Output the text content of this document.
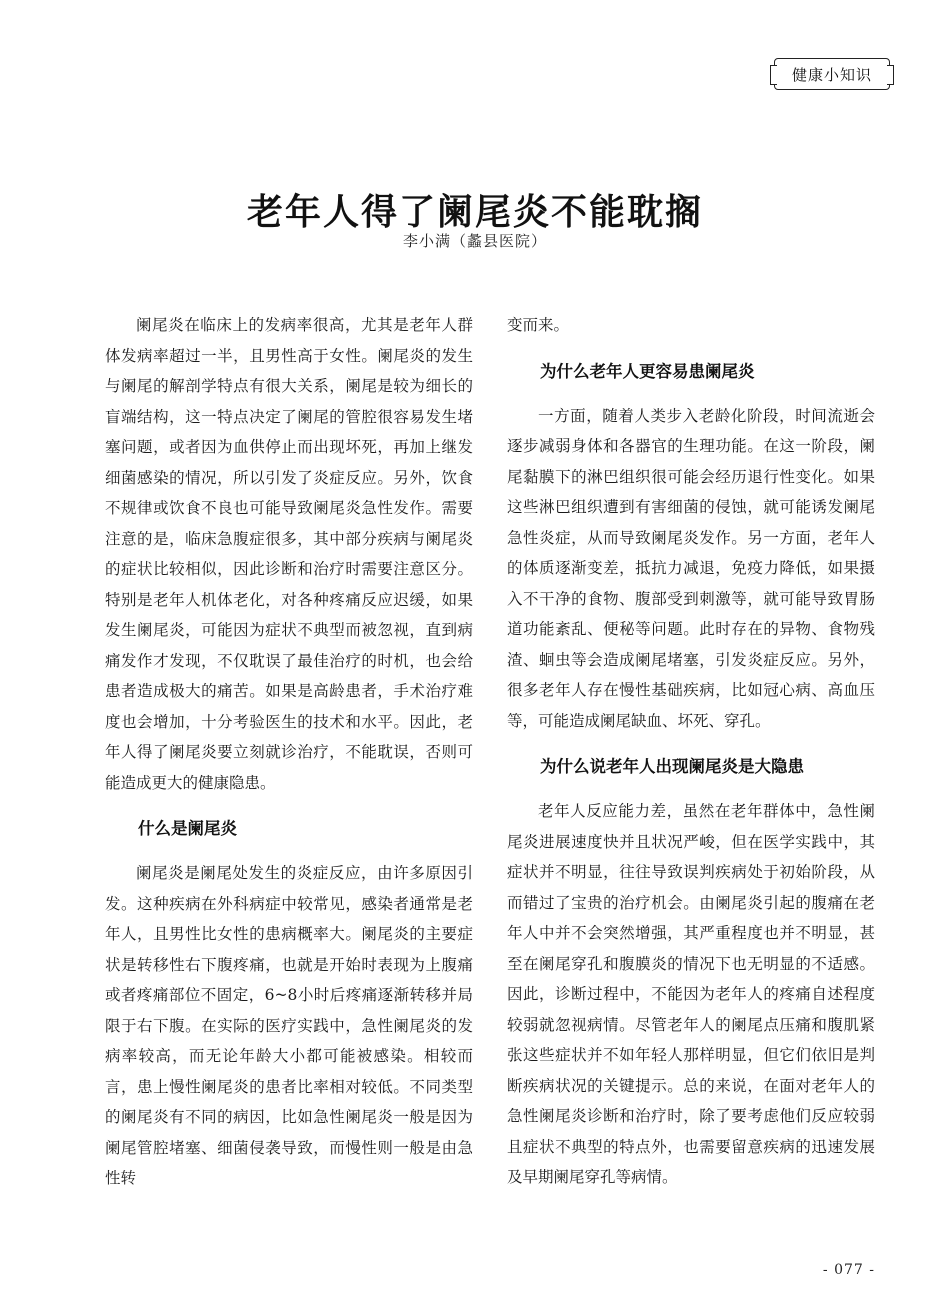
健康小知识
老年人得了阑尾炎不能耽搁
李小满（蠡县医院）

阑尾炎在临床上的发病率很高，尤其是老年人群体发病率超过一半，且男性高于女性。阑尾炎的发生与阑尾的解剖学特点有很大关系，阑尾是较为细长的盲端结构，这一特点决定了阑尾的管腔很容易发生堵塞问题，或者因为血供停止而出现坏死，再加上继发细菌感染的情况，所以引发了炎症反应。另外，饮食不规律或饮食不良也可能导致阑尾炎急性发作。需要注意的是，临床急腹症很多，其中部分疾病与阑尾炎的症状比较相似，因此诊断和治疗时需要注意区分。特别是老年人机体老化，对各种疼痛反应迟缓，如果发生阑尾炎，可能因为症状不典型而被忽视，直到病痛发作才发现，不仅耽误了最佳治疗的时机，也会给患者造成极大的痛苦。如果是高龄患者，手术治疗难度也会增加，十分考验医生的技术和水平。因此，老年人得了阑尾炎要立刻就诊治疗，不能耽误，否则可能造成更大的健康隐患。

什么是阑尾炎

阑尾炎是阑尾处发生的炎症反应，由许多原因引发。这种疾病在外科病症中较常见，感染者通常是老年人，且男性比女性的患病概率大。阑尾炎的主要症状是转移性右下腹疼痛，也就是开始时表现为上腹痛或者疼痛部位不固定，6~8小时后疼痛逐渐转移并局限于右下腹。在实际的医疗实践中，急性阑尾炎的发病率较高，而无论年龄大小都可能被感染。相较而言，患上慢性阑尾炎的患者比率相对较低。不同类型的阑尾炎有不同的病因，比如急性阑尾炎一般是因为阑尾管腔堵塞、细菌侵袭导致，而慢性则一般是由急性转

变而来。

为什么老年人更容易患阑尾炎

一方面，随着人类步入老龄化阶段，时间流逝会逐步减弱身体和各器官的生理功能。在这一阶段，阑尾黏膜下的淋巴组织很可能会经历退行性变化。如果这些淋巴组织遭到有害细菌的侵蚀，就可能诱发阑尾急性炎症，从而导致阑尾炎发作。另一方面，老年人的体质逐渐变差，抵抗力减退，免疫力降低，如果摄入不干净的食物、腹部受到刺激等，就可能导致胃肠道功能紊乱、便秘等问题。此时存在的异物、食物残渣、蛔虫等会造成阑尾堵塞，引发炎症反应。另外，很多老年人存在慢性基础疾病，比如冠心病、高血压等，可能造成阑尾缺血、坏死、穿孔。

为什么说老年人出现阑尾炎是大隐患

老年人反应能力差，虽然在老年群体中，急性阑尾炎进展速度快并且状况严峻，但在医学实践中，其症状并不明显，往往导致误判疾病处于初始阶段，从而错过了宝贵的治疗机会。由阑尾炎引起的腹痛在老年人中并不会突然增强，其严重程度也并不明显，甚至在阑尾穿孔和腹膜炎的情况下也无明显的不适感。因此，诊断过程中，不能因为老年人的疼痛自述程度较弱就忽视病情。尽管老年人的阑尾点压痛和腹肌紧张这些症状并不如年轻人那样明显，但它们依旧是判断疾病状况的关键提示。总的来说，在面对老年人的急性阑尾炎诊断和治疗时，除了要考虑他们反应较弱且症状不典型的特点外，也需要留意疾病的迅速发展及早期阑尾穿孔等病情。

- 077 -
